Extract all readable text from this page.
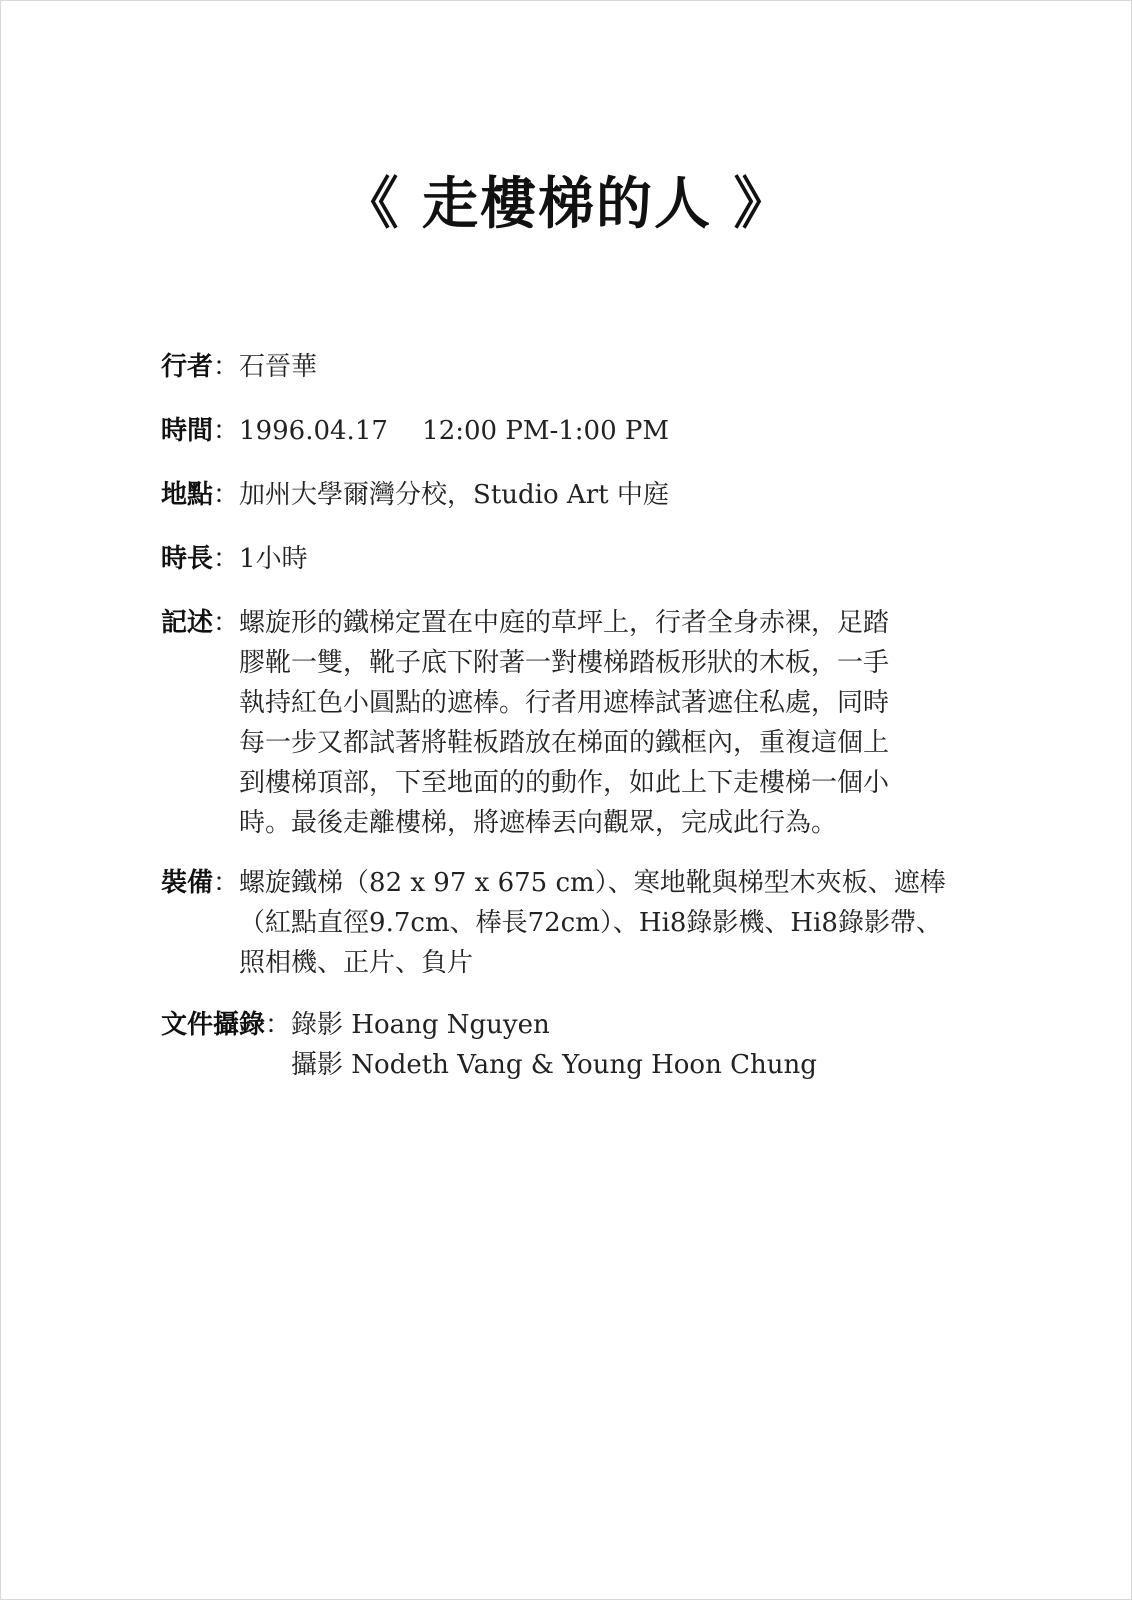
《 走樓梯的人 》
行者 ： 石晉華
時間 ： 1996.04.17　 12:00 PM-1:00 PM
地點 ： 加州大學爾灣分校，Studio Art 中庭
時長 ： 1小時
記述 ： 螺旋形的鐵梯定置在中庭的草坪上，行者全身赤裸，足踏
膠靴一雙，靴子底下附著一對樓梯踏板形狀的木板，一手
執持紅色小圓點的遮棒。行者用遮棒試著遮住私處，同時
每一步又都試著將鞋板踏放在梯面的鐵框內，重複這個上
到樓梯頂部，下至地面的的動作，如此上下走樓梯一個小
時。最後走離樓梯，將遮棒丟向觀眾，完成此行為。
裝備 ： 螺旋鐵梯（82 x 97 x 675 cm）、寒地靴與梯型木夾板、遮棒
（紅點直徑9.7cm、棒長72cm）、Hi8錄影機、Hi8錄影帶、
照相機、正片、負片
文件攝錄 ： 錄影 Hoang Nguyen
攝影 Nodeth Vang & Young Hoon Chung
